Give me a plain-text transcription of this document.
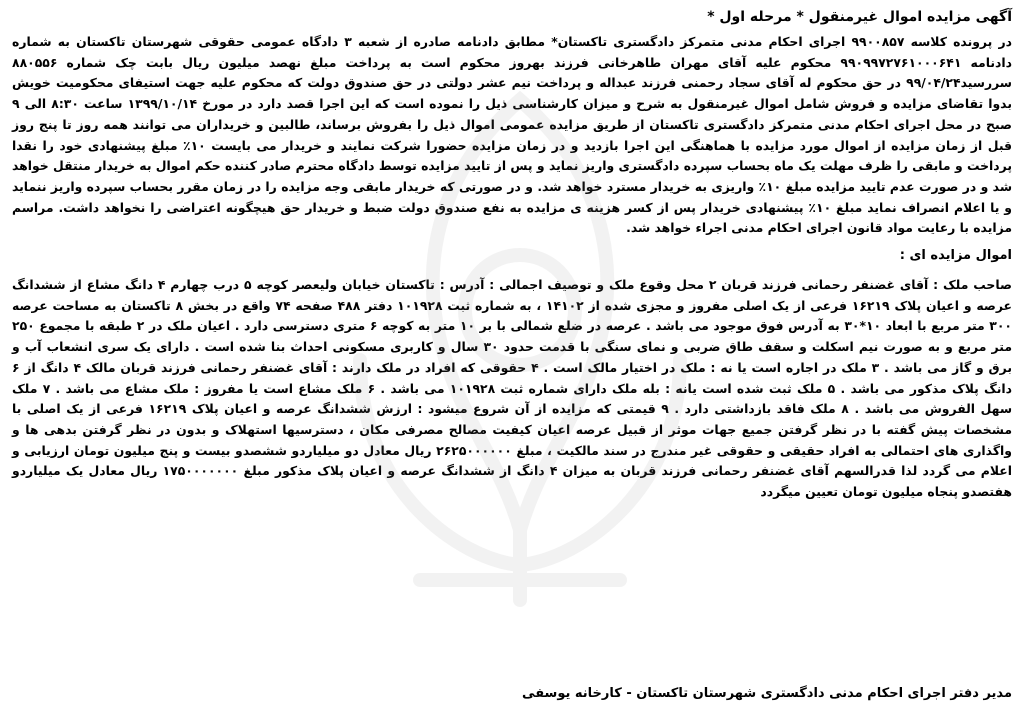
آگهی مزایده اموال غیرمنقول * مرحله اول *

در پرونده کلاسه ۹۹۰۰۸۵۷ اجرای احکام مدنی متمرکز دادگستری تاکستان* مطابق دادنامه صادره از شعبه ۳ دادگاه عمومی حقوقی شهرستان تاکستان به شماره دادنامه ۹۹۰۹۹۷۲۷۶۱۰۰۰۶۴۱ محکوم علیه آقای مهران طاهرخانی فرزند بهروز محکوم است به پرداخت مبلغ نهصد میلیون ریال بابت چک شماره ۸۸۰۵۵۶ سررسید۹۹/۰۴/۲۴ در حق محکوم له آقای سجاد رحمنی فرزند عبداله و پرداخت نیم عشر دولتی در حق صندوق دولت که محکوم علیه جهت استیفای محکومیت خویش بدوا تقاضای مزایده و فروش شامل اموال غیرمنقول به شرح و میزان کارشناسی ذیل را نموده است که این اجرا قصد دارد در مورخ ۱۳۹۹/۱۰/۱۴ ساعت ۸:۳۰ الی ۹ صبح در محل اجرای احکام مدنی متمرکز دادگستری تاکستان از طریق مزایده عمومی اموال ذیل را بفروش برساند، طالبین و خریداران می توانند همه روز تا پنج روز قبل از زمان مزایده از اموال مورد مزایده با هماهنگی این اجرا بازدید و در زمان مزایده حضورا شرکت نمایند و خریدار می بایست ۱۰٪ مبلغ پیشنهادی خود را نقدا پرداخت و مابقی را ظرف مهلت یک ماه بحساب سپرده دادگستری واریز نماید و پس از تایید مزایده توسط دادگاه محترم صادر کننده حکم اموال به خریدار منتقل خواهد شد و در صورت عدم تایید مزایده مبلغ ۱۰٪ واریزی به خریدار مسترد خواهد شد. و در صورتی که خریدار مابقی وجه مزایده را در زمان مقرر بحساب سپرده واریز ننماید و یا اعلام انصراف نماید مبلغ ۱۰٪ پیشنهادی خریدار پس از کسر هزینه ی مزایده به نفع صندوق دولت ضبط و خریدار حق هیچگونه اعتراضی را نخواهد داشت. مراسم مزایده با رعایت مواد قانون اجرای احکام مدنی اجراء خواهد شد.

اموال مزایده ای :

صاحب ملک : آقای غضنفر رحمانی فرزند قربان ۲ محل وقوع ملک و توصیف اجمالی : آدرس : تاکستان خیابان ولیعصر کوچه ۵ درب چهارم ۴ دانگ مشاع از ششدانگ عرصه و اعیان پلاک ۱۶۲۱۹ فرعی از یک اصلی مفروز و مجزی شده از ۱۴۱۰۲ ، به شماره ثبت ۱۰۱۹۲۸ دفتر ۴۸۸ صفحه ۷۴ واقع در بخش ۸ تاکستان به مساحت عرصه ۳۰۰ متر مربع با ابعاد ۱۰*۳۰ به آدرس فوق موجود می باشد . عرصه در ضلع شمالی با بر ۱۰ متر به کوچه ۶ متری دسترسی دارد . اعیان ملک در ۲ طبقه با مجموع ۲۵۰ متر مربع و به صورت نیم اسکلت و سقف طاق ضربی و نمای سنگی با قدمت حدود ۳۰ سال و کاربری مسکونی احداث بنا شده است . دارای یک سری انشعاب آب و برق و گاز می باشد . ۳ ملک در اجاره است یا نه : ملک در اختیار مالک است . ۴ حقوقی که افراد در ملک دارند : آقای غضنفر رحمانی فرزند قربان مالک ۴ دانگ از ۶ دانگ پلاک مذکور می باشد . ۵ ملک ثبت شده است یانه : بله ملک دارای شماره ثبت ۱۰۱۹۲۸ می باشد . ۶ ملک مشاع است یا مفروز : ملک مشاع می باشد . ۷ ملک سهل الفروش می باشد . ۸ ملک فاقد بازداشتی دارد . ۹ قیمتی که مزایده از آن شروع میشود : ارزش ششدانگ عرصه و اعیان پلاک ۱۶۲۱۹ فرعی از یک اصلی با مشخصات پیش گفته با در نظر گرفتن جمیع جهات موثر از قبیل عرصه اعیان کیفیت مصالح مصرفی مکان ، دسترسیها استهلاک و بدون در نظر گرفتن بدهی ها و واگذاری های احتمالی به افراد حقیقی و حقوقی غیر مندرج در سند مالکیت ، مبلغ ۲۶۲۵۰۰۰۰۰۰ ریال معادل دو میلیاردو ششصدو بیست و پنج میلیون تومان ارزیابی و اعلام می گردد لذا قدرالسهم آقای غضنفر رحمانی فرزند قربان به میزان ۴ دانگ از ششدانگ عرصه و اعیان پلاک مذکور مبلغ ۱۷۵۰۰۰۰۰۰۰ ریال معادل یک میلیاردو هفتصدو پنجاه میلیون تومان تعیین میگردد

مدیر دفتر اجرای احکام مدنی دادگستری شهرستان تاکستان - کارخانه یوسفی
